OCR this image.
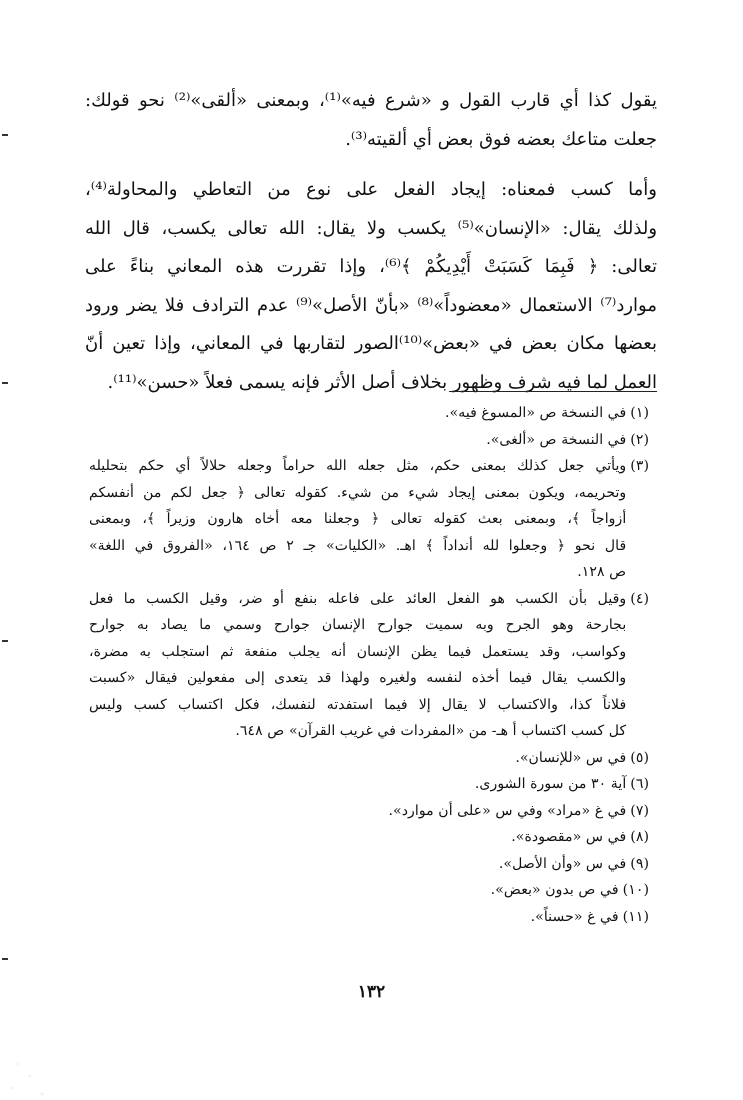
يقول كذا أي قارب القول و «شرع فيه»⁽¹⁾، وبمعنى «ألقى»⁽²⁾ نحو قولك:
جعلت متاعك بعضه فوق بعض أي ألقيته⁽³⁾.

وأما كسب فمعناه: إيجاد الفعل على نوع من التعاطي والمحاولة⁽⁴⁾،
ولذلك يقال: «الإنسان»⁽⁵⁾ يكسب ولا يقال: الله تعالى يكسب، قال الله
تعالى: ﴿ فَبِمَا كَسَبَتْ أَيْدِيكُمْ ﴾⁽⁶⁾، وإذا تقررت هذه المعاني بناءً على
موارد⁽⁷⁾ الاستعمال «معضوداً»⁽⁸⁾ «بأنّ الأصل»⁽⁹⁾ عدم الترادف فلا يضر ورود
بعضها مكان بعض في «بعض»⁽¹⁰⁾الصور لتقاربها في المعاني، وإذا تعين أنّ
العمل لما فيه شرف وظهور بخلاف أصل الأثر فإنه يسمى فعلاً «حسن»⁽¹¹⁾.

(١)
في النسخة ص «المسوغ فيه».
(٢)
في النسخة ص «ألغى».
(٣)
ويأتي جعل كذلك بمعنى حكم، مثل جعله الله حراماً وجعله حلالاً أي حكم بتحليله
وتحريمه، ويكون بمعنى إيجاد شيء من شيء. كقوله تعالى ﴿ جعل لكم من أنفسكم
أزواجاً ﴾، وبمعنى بعث كقوله تعالى ﴿ وجعلنا معه أخاه هارون وزيراً ﴾، وبمعنى
قال نحو ﴿ وجعلوا لله أنداداً ﴾ اهـ. «الكليات» جـ ٢ ص ١٦٤، «الفروق في اللغة»
ص ١٢٨.
(٤)
وقيل بأن الكسب هو الفعل العائد على فاعله بنفع أو ضر، وقيل الكسب ما فعل
بجارحة وهو الجرح وبه سميت جوارح الإنسان جوارح وسمي ما يصاد به جوارح
وكواسب، وقد يستعمل فيما يظن الإنسان أنه يجلب منفعة ثم استجلب به مضرة،
والكسب يقال فيما أخذه لنفسه ولغيره ولهذا قد يتعدى إلى مفعولين فيقال «كسبت
فلاناً كذا، والاكتساب لا يقال إلا فيما استفدته لنفسك، فكل اكتساب كسب وليس
كل كسب اكتساب أ هـ- من «المفردات في غريب القرآن» ص ٦٤٨.
(٥)
في س «للإنسان».
(٦)
آية ٣٠ من سورة الشورى.
(٧)
في غ «مراد» وفي س «على أن موارد».
(٨)
في س «مقصودة».
(٩)
في س «وأن الأصل».
(١٠)
في ص بدون «بعض».
(١١)
في غ «حسناً».
١٣٢
